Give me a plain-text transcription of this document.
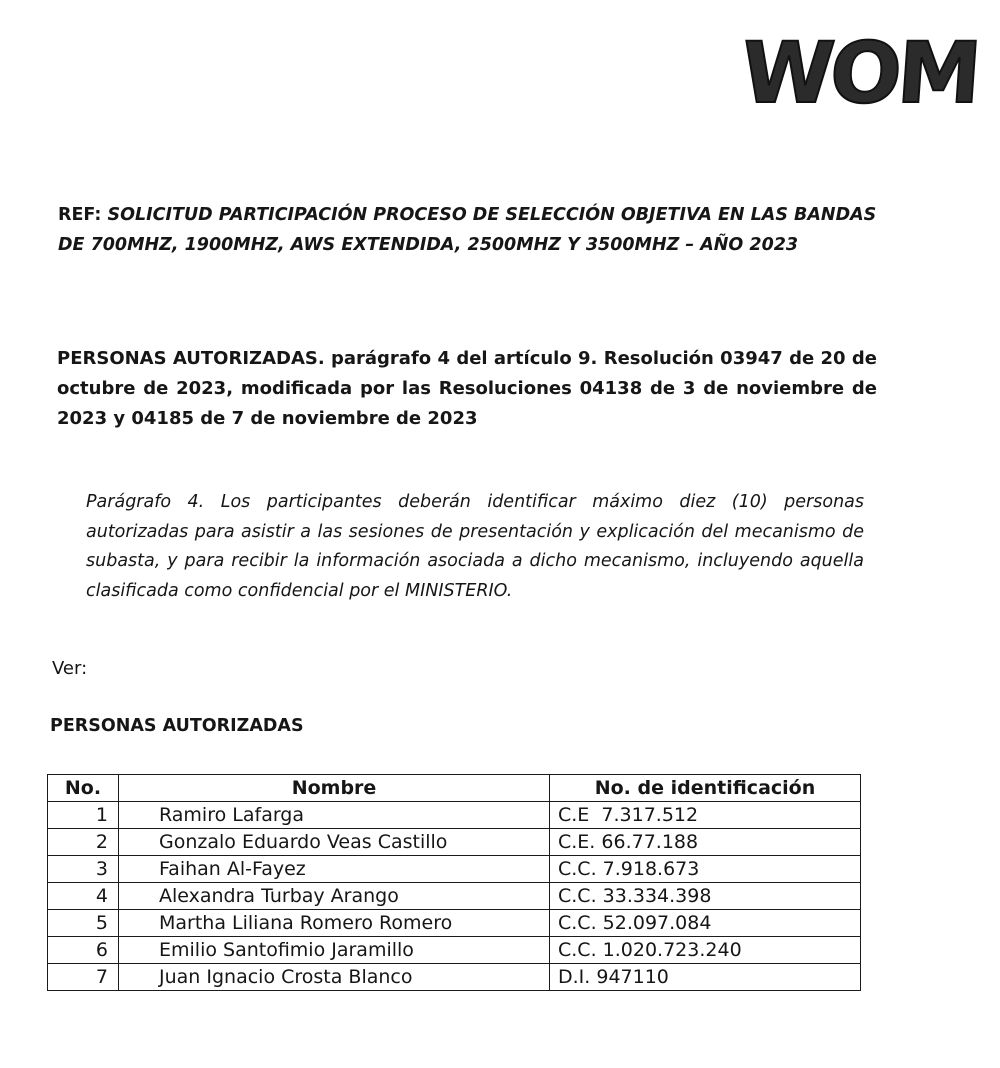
WOM

REF: SOLICITUD PARTICIPACIÓN PROCESO DE SELECCIÓN OBJETIVA EN LAS BANDAS
DE 700MHZ, 1900MHZ, AWS EXTENDIDA, 2500MHZ Y 3500MHZ – AÑO 2023

PERSONAS AUTORIZADAS. parágrafo 4 del artículo 9. Resolución 03947 de 20 de octubre de 2023, modificada por las Resoluciones 04138 de 3 de noviembre de 2023 y 04185 de 7 de noviembre de 2023

Parágrafo 4. Los participantes deberán identificar máximo diez (10) personas autorizadas para asistir a las sesiones de presentación y explicación del mecanismo de subasta, y para recibir la información asociada a dicho mecanismo, incluyendo aquella clasificada como confidencial por el MINISTERIO.

Ver:

PERSONAS AUTORIZADAS

No.	Nombre	No. de identificación
1	Ramiro Lafarga	C.E  7.317.512
2	Gonzalo Eduardo Veas Castillo	C.E. 66.77.188
3	Faihan Al-Fayez	C.C. 7.918.673
4	Alexandra Turbay Arango	C.C. 33.334.398
5	Martha Liliana Romero Romero	C.C. 52.097.084
6	Emilio Santofimio Jaramillo	C.C. 1.020.723.240
7	Juan Ignacio Crosta Blanco	D.I. 947110
